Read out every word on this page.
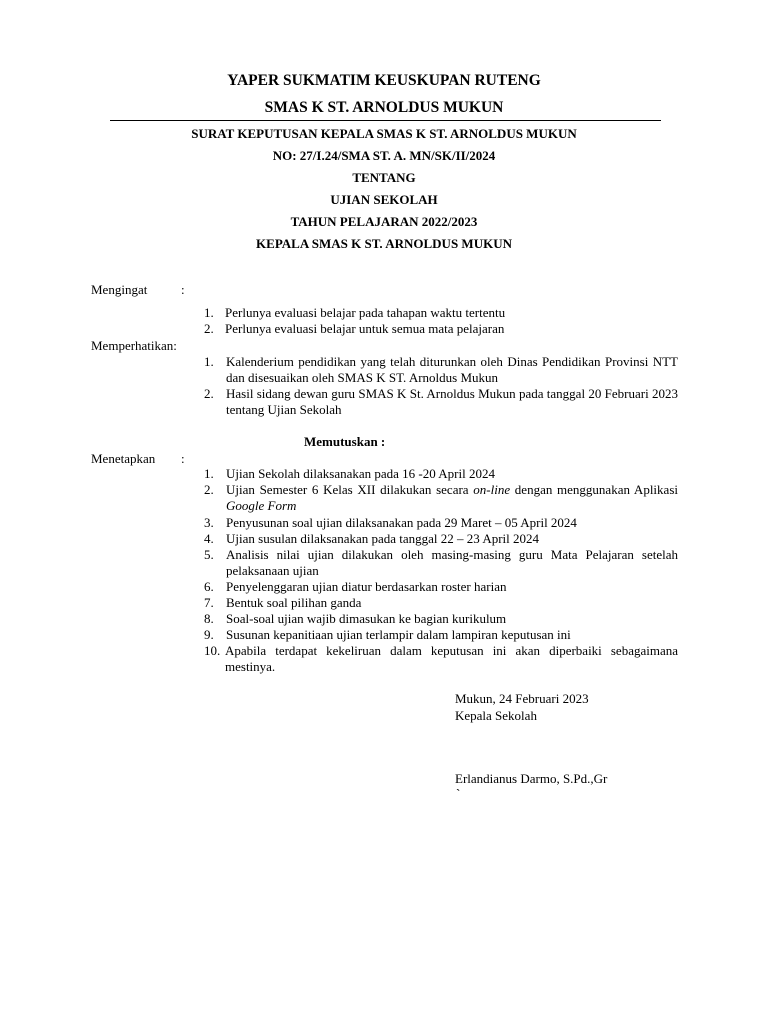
YAPER SUKMATIM KEUSKUPAN RUTENG
SMAS K ST. ARNOLDUS MUKUN
SURAT KEPUTUSAN KEPALA SMAS K ST. ARNOLDUS MUKUN
NO: 27/I.24/SMA ST. A. MN/SK/II/2024
TENTANG
UJIAN SEKOLAH
TAHUN PELAJARAN 2022/2023
KEPALA SMAS K ST. ARNOLDUS MUKUN
Mengingat	:
1. Perlunya evaluasi belajar pada tahapan waktu tertentu
2. Perlunya evaluasi belajar untuk semua mata pelajaran
Memperhatikan:
1. Kalenderium pendidikan yang telah diturunkan oleh Dinas Pendidikan Provinsi NTT dan disesuaikan oleh SMAS K ST. Arnoldus Mukun
2. Hasil sidang dewan guru SMAS K St. Arnoldus Mukun pada tanggal 20 Februari 2023 tentang Ujian Sekolah
Memutuskan :
Menetapkan :
1. Ujian Sekolah dilaksanakan pada 16 -20 April 2024
2. Ujian Semester 6 Kelas XII dilakukan secara on-line dengan menggunakan Aplikasi Google Form
3. Penyusunan soal ujian dilaksanakan pada 29 Maret – 05 April 2024
4. Ujian susulan dilaksanakan pada tanggal 22 – 23 April 2024
5. Analisis nilai ujian dilakukan oleh masing-masing guru Mata Pelajaran setelah pelaksanaan ujian
6. Penyelenggaran ujian diatur berdasarkan roster harian
7. Bentuk soal pilihan ganda
8. Soal-soal ujian wajib dimasukan ke bagian kurikulum
9. Susunan kepanitiaan ujian terlampir dalam lampiran keputusan ini
10. Apabila terdapat kekeliruan dalam keputusan ini akan diperbaiki sebagaimana mestinya.
Mukun, 24 Februari 2023
Kepala Sekolah
Erlandianus Darmo, S.Pd.,Gr
`
